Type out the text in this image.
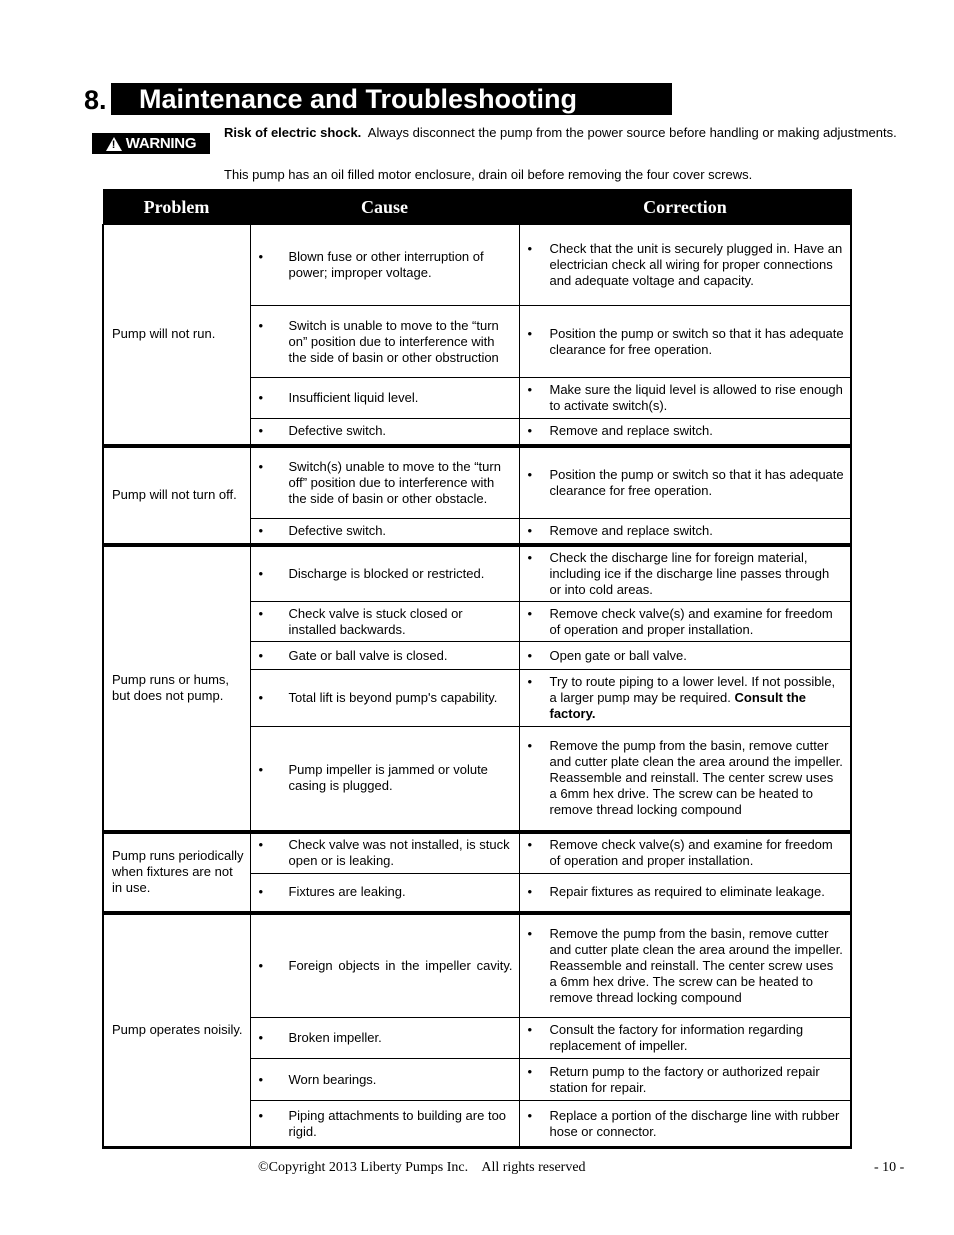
8.	Maintenance and Troubleshooting
!
WARNING
Risk of electric shock. Always disconnect the pump from the power source before handling or making adjustments.
This pump has an oil filled motor enclosure, drain oil before removing the four cover screws.
Problem	Cause	Correction
Pump will not run.	• Blown fuse or other interruption of power; improper voltage.	• Check that the unit is securely plugged in. Have an electrician check all wiring for proper connections and adequate voltage and capacity.

	• Switch is unable to move to the “turn on” position due to interference with the side of basin or other obstruction	• Position the pump or switch so that it has adequate clearance for free operation.

	• Insufficient liquid level.	• Make sure the liquid level is allowed to rise enough to activate switch(s).

	• Defective switch.	• Remove and replace switch.

Pump will not turn off.	• Switch(s) unable to move to the “turn off” position due to interference with the side of basin or other obstacle.	• Position the pump or switch so that it has adequate clearance for free operation.

	• Defective switch.	• Remove and replace switch.

Pump runs or hums, but does not pump.	• Discharge is blocked or restricted.	• Check the discharge line for foreign material, including ice if the discharge line passes through or into cold areas.

	• Check valve is stuck closed or installed backwards.	• Remove check valve(s) and examine for freedom of operation and proper installation.

	• Gate or ball valve is closed.	• Open gate or ball valve.

	• Total lift is beyond pump's capability.	• Try to route piping to a lower level. If not possible, a larger pump may be required. Consult the factory.

	• Pump impeller is jammed or volute casing is plugged.	• Remove the pump from the basin, remove cutter and cutter plate clean the area around the impeller. Reassemble and reinstall. The center screw uses a 6mm hex drive. The screw can be heated to remove thread locking compound

Pump runs periodically when fixtures are not in use.	• Check valve was not installed, is stuck open or is leaking.	• Remove check valve(s) and examine for freedom of operation and proper installation.

	• Fixtures are leaking.	• Repair fixtures as required to eliminate leakage.

Pump operates noisily.	• Foreign objects in the impeller cavity.	• Remove the pump from the basin, remove cutter and cutter plate clean the area around the impeller. Reassemble and reinstall. The center screw uses a 6mm hex drive. The screw can be heated to remove thread locking compound

	• Broken impeller.	• Consult the factory for information regarding replacement of impeller.

	• Worn bearings.	• Return pump to the factory or authorized repair station for repair.

	• Piping attachments to building are too rigid.	• Replace a portion of the discharge line with rubber hose or connector.
©Copyright 2013 Liberty Pumps Inc.    All rights reserved	- 10 -
